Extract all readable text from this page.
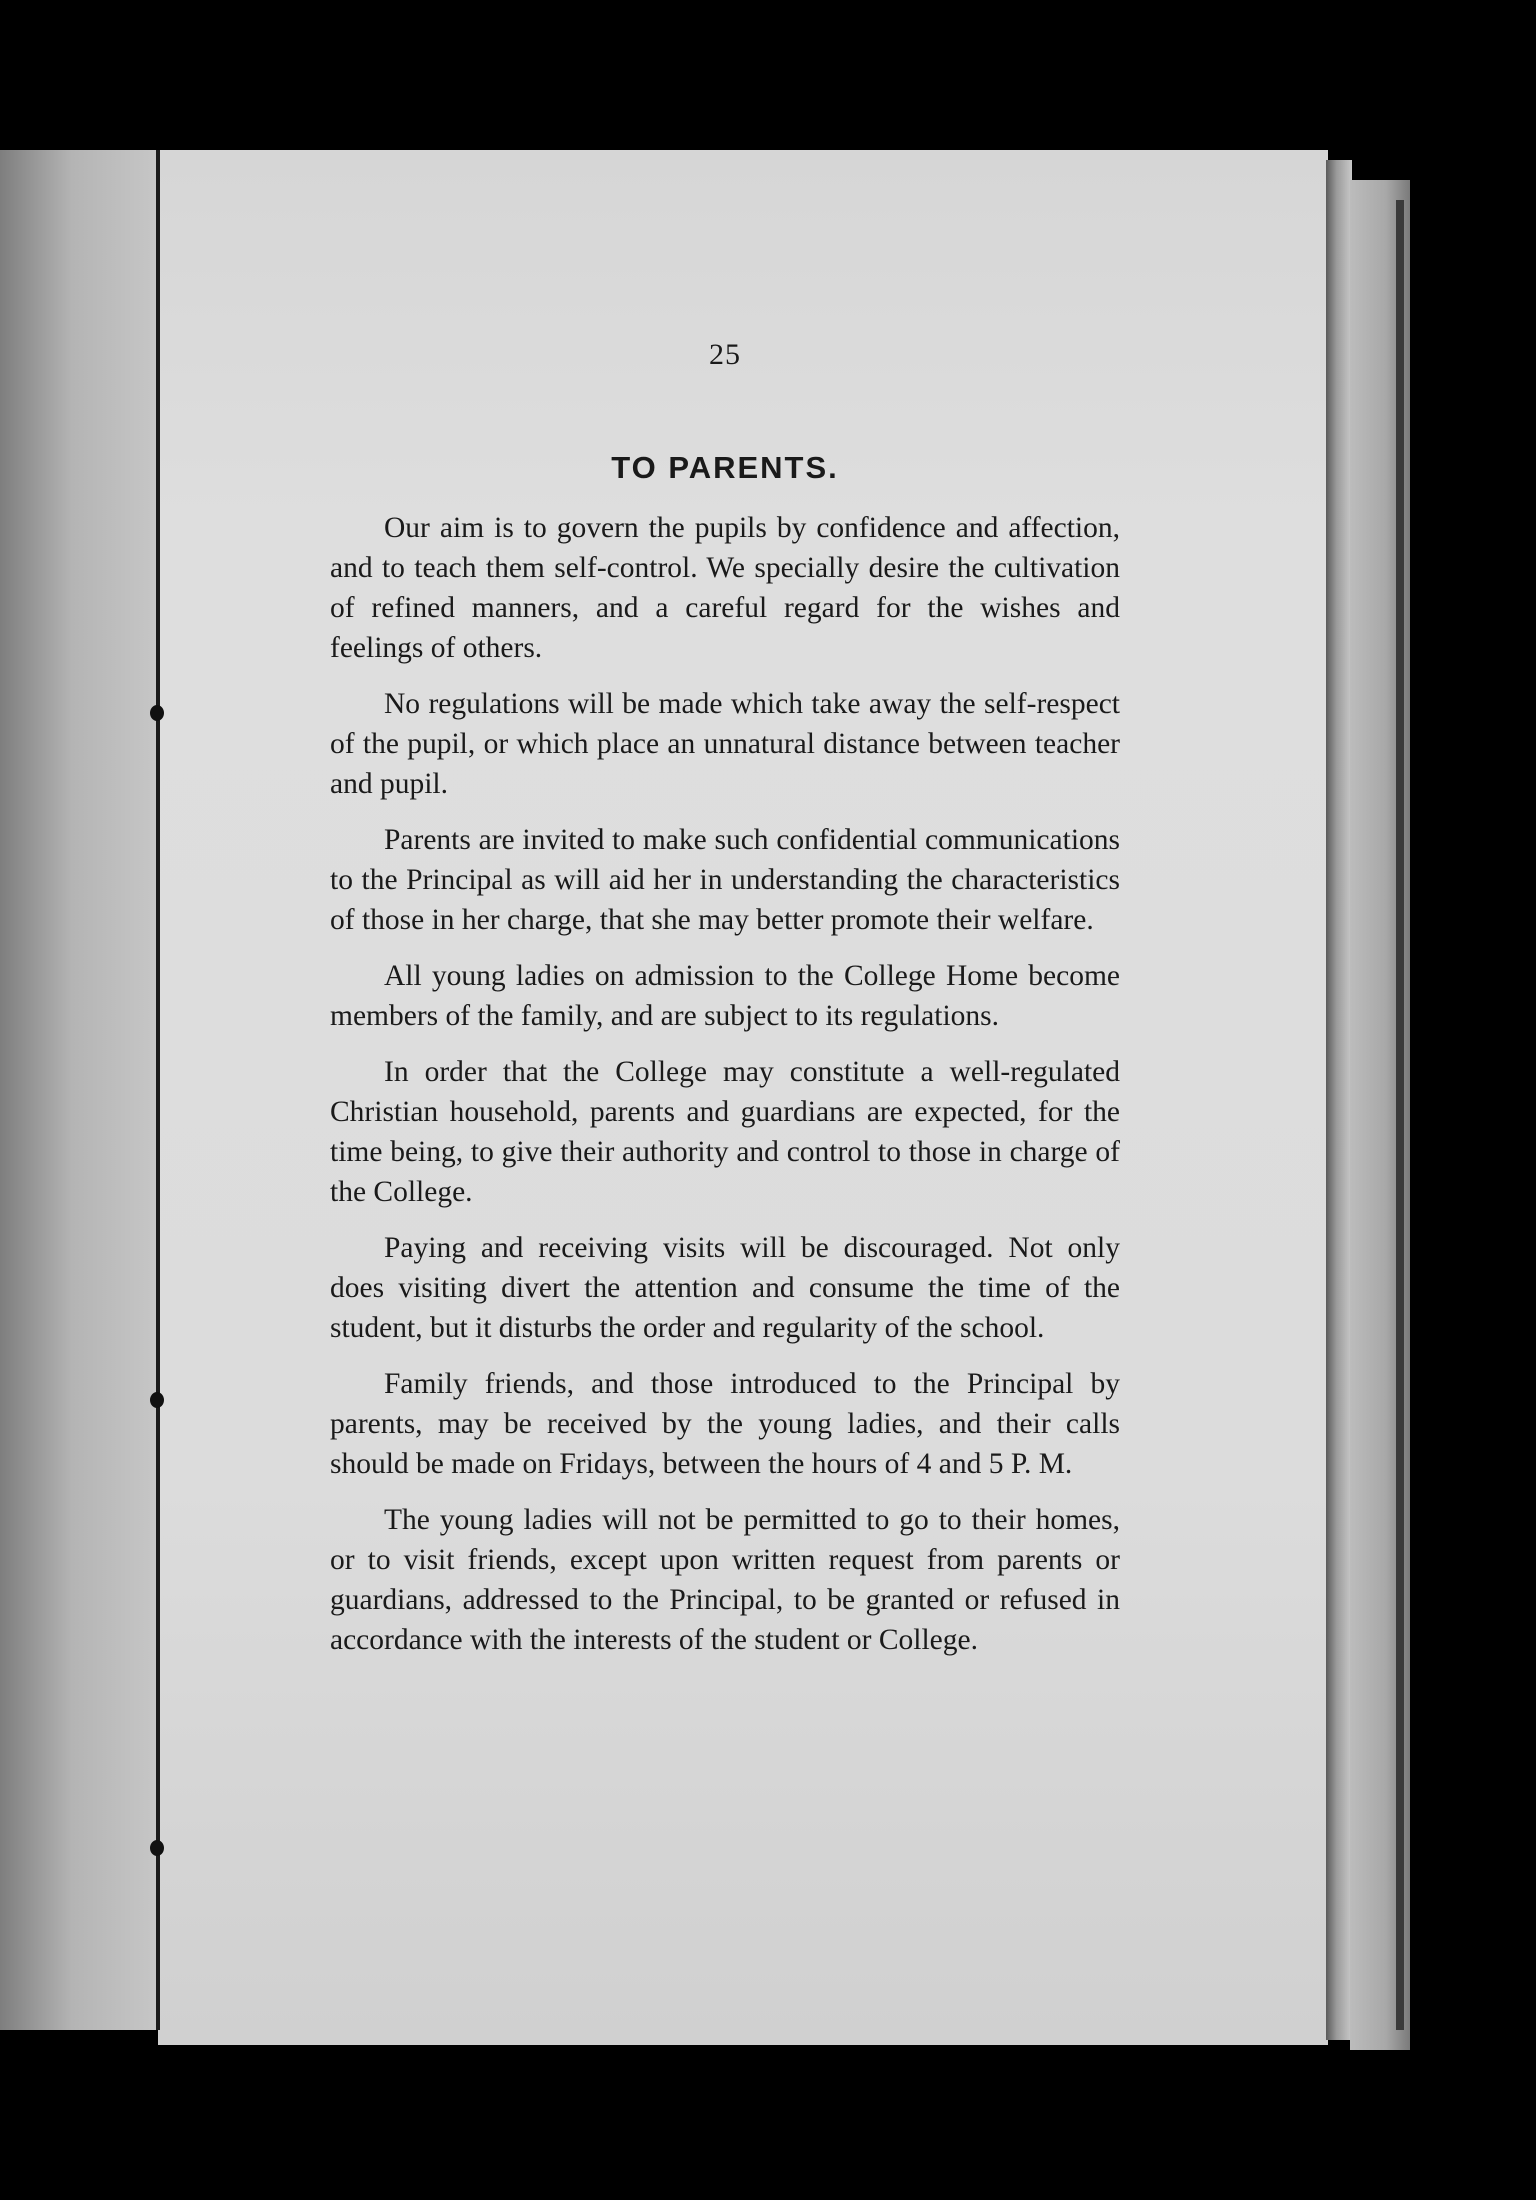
25
TO PARENTS.

Our aim is to govern the pupils by confidence and affection, and to teach them self-control. We specially desire the cultivation of refined manners, and a careful regard for the wishes and feelings of others.

No regulations will be made which take away the self-respect of the pupil, or which place an unnatural distance between teacher and pupil.

Parents are invited to make such confidential communications to the Principal as will aid her in understanding the characteristics of those in her charge, that she may better promote their welfare.

All young ladies on admission to the College Home become members of the family, and are subject to its regulations.

In order that the College may constitute a well-regulated Christian household, parents and guardians are expected, for the time being, to give their authority and control to those in charge of the College.

Paying and receiving visits will be discouraged. Not only does visiting divert the attention and consume the time of the student, but it disturbs the order and regularity of the school.

Family friends, and those introduced to the Principal by parents, may be received by the young ladies, and their calls should be made on Fridays, between the hours of 4 and 5 P. M.

The young ladies will not be permitted to go to their homes, or to visit friends, except upon written request from parents or guardians, addressed to the Principal, to be granted or refused in accordance with the interests of the student or College.
